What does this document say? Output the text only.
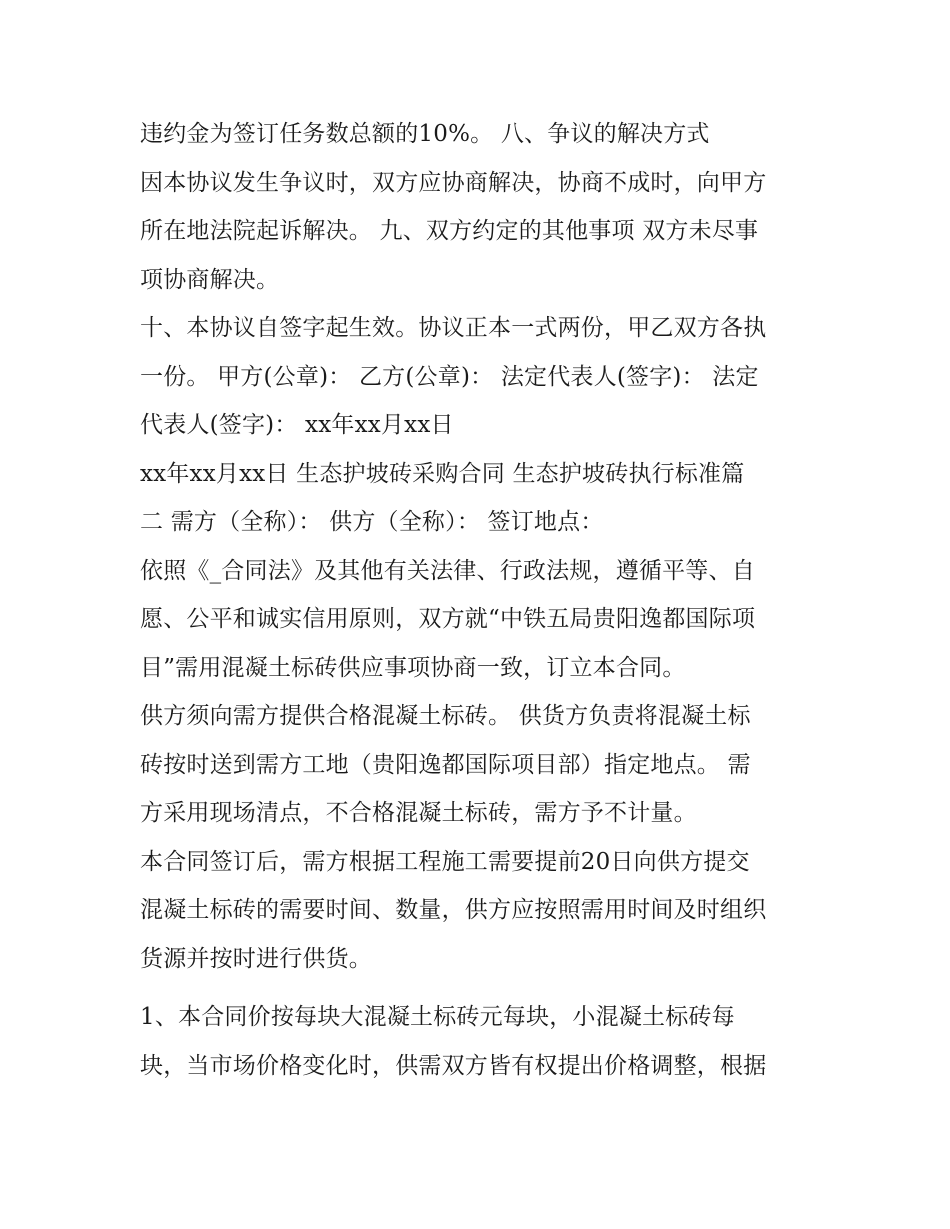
违约金为签订任务数总额的10%。 八、争议的解决方式

因本协议发生争议时，双方应协商解决，协商不成时，向甲方

所在地法院起诉解决。 九、双方约定的其他事项 双方未尽事

项协商解决。

十、本协议自签字起生效。协议正本一式两份，甲乙双方各执

一份。 甲方(公章)： 乙方(公章)： 法定代表人(签字)： 法定

代表人(签字)： xx年xx月xx日

xx年xx月xx日 生态护坡砖采购合同 生态护坡砖执行标准篇

二 需方（全称）： 供方（全称）： 签订地点：

依照《_合同法》及其他有关法律、行政法规，遵循平等、自

愿、公平和诚实信用原则，双方就“中铁五局贵阳逸都国际项

目”需用混凝土标砖供应事项协商一致，订立本合同。

供方须向需方提供合格混凝土标砖。 供货方负责将混凝土标

砖按时送到需方工地（贵阳逸都国际项目部）指定地点。 需

方采用现场清点，不合格混凝土标砖，需方予不计量。

本合同签订后，需方根据工程施工需要提前20日向供方提交

混凝土标砖的需要时间、数量，供方应按照需用时间及时组织

货源并按时进行供货。

1、本合同价按每块大混凝土标砖元每块，小混凝土标砖每

块，当市场价格变化时，供需双方皆有权提出价格调整，根据
